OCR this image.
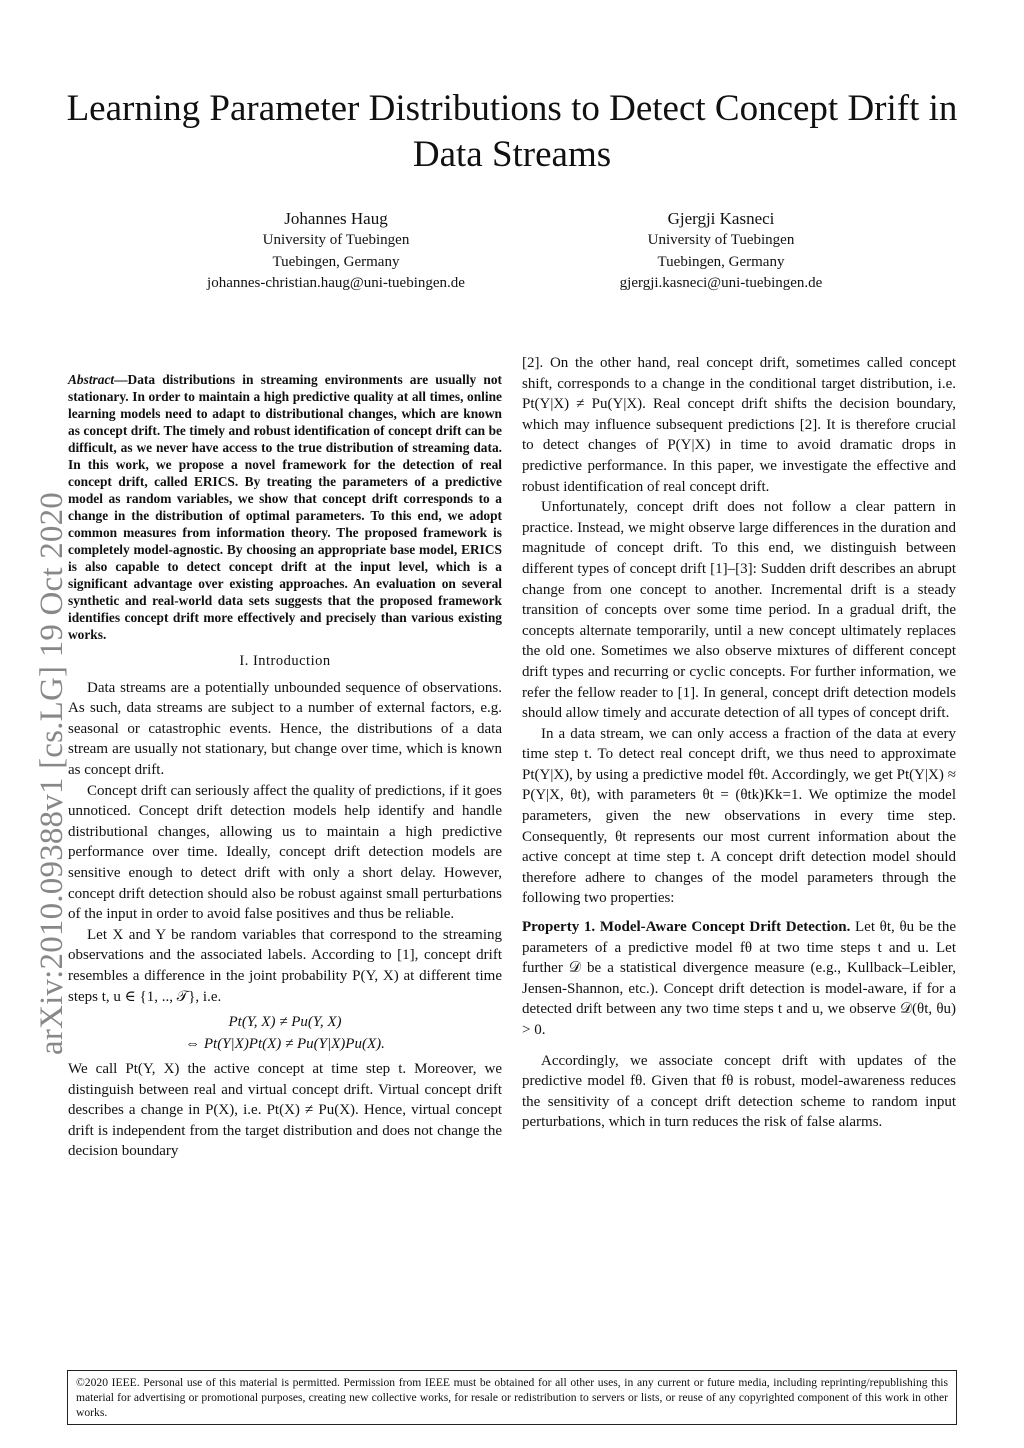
Learning Parameter Distributions to Detect Concept Drift in Data Streams
Johannes Haug
University of Tuebingen
Tuebingen, Germany
johannes-christian.haug@uni-tuebingen.de
Gjergji Kasneci
University of Tuebingen
Tuebingen, Germany
gjergji.kasneci@uni-tuebingen.de
arXiv:2010.09388v1 [cs.LG] 19 Oct 2020

Abstract—Data distributions in streaming environments are usually not stationary. In order to maintain a high predictive quality at all times, online learning models need to adapt to distributional changes, which are known as concept drift. The timely and robust identification of concept drift can be difficult, as we never have access to the true distribution of streaming data. In this work, we propose a novel framework for the detection of real concept drift, called ERICS. By treating the parameters of a predictive model as random variables, we show that concept drift corresponds to a change in the distribution of optimal parameters. To this end, we adopt common measures from information theory. The proposed framework is completely model-agnostic. By choosing an appropriate base model, ERICS is also capable to detect concept drift at the input level, which is a significant advantage over existing approaches. An evaluation on several synthetic and real-world data sets suggests that the proposed framework identifies concept drift more effectively and precisely than various existing works.

I. Introduction

Data streams are a potentially unbounded sequence of observations. As such, data streams are subject to a number of external factors, e.g. seasonal or catastrophic events. Hence, the distributions of a data stream are usually not stationary, but change over time, which is known as concept drift.

Concept drift can seriously affect the quality of predictions, if it goes unnoticed. Concept drift detection models help identify and handle distributional changes, allowing us to maintain a high predictive performance over time. Ideally, concept drift detection models are sensitive enough to detect drift with only a short delay. However, concept drift detection should also be robust against small perturbations of the input in order to avoid false positives and thus be reliable.

Let X and Y be random variables that correspond to the streaming observations and the associated labels. According to [1], concept drift resembles a difference in the joint probability P(Y, X) at different time steps t, u ∈ {1, .., 𝒯}, i.e.

Pt(Y, X) ≠ Pu(Y, X)
⇔ Pt(Y|X)Pt(X) ≠ Pu(Y|X)Pu(X).

We call Pt(Y, X) the active concept at time step t. Moreover, we distinguish between real and virtual concept drift. Virtual concept drift describes a change in P(X), i.e. Pt(X) ≠ Pu(X). Hence, virtual concept drift is independent from the target distribution and does not change the decision boundary

[2]. On the other hand, real concept drift, sometimes called concept shift, corresponds to a change in the conditional target distribution, i.e. Pt(Y|X) ≠ Pu(Y|X). Real concept drift shifts the decision boundary, which may influence subsequent predictions [2]. It is therefore crucial to detect changes of P(Y|X) in time to avoid dramatic drops in predictive performance. In this paper, we investigate the effective and robust identification of real concept drift.

Unfortunately, concept drift does not follow a clear pattern in practice. Instead, we might observe large differences in the duration and magnitude of concept drift. To this end, we distinguish between different types of concept drift [1]–[3]: Sudden drift describes an abrupt change from one concept to another. Incremental drift is a steady transition of concepts over some time period. In a gradual drift, the concepts alternate temporarily, until a new concept ultimately replaces the old one. Sometimes we also observe mixtures of different concept drift types and recurring or cyclic concepts. For further information, we refer the fellow reader to [1]. In general, concept drift detection models should allow timely and accurate detection of all types of concept drift.

In a data stream, we can only access a fraction of the data at every time step t. To detect real concept drift, we thus need to approximate Pt(Y|X), by using a predictive model fθt. Accordingly, we get Pt(Y|X) ≈ P(Y|X, θt), with parameters θt = (θtk)Kk=1. We optimize the model parameters, given the new observations in every time step. Consequently, θt represents our most current information about the active concept at time step t. A concept drift detection model should therefore adhere to changes of the model parameters through the following two properties:

Property 1. Model-Aware Concept Drift Detection. Let θt, θu be the parameters of a predictive model fθ at two time steps t and u. Let further 𝒟 be a statistical divergence measure (e.g., Kullback–Leibler, Jensen-Shannon, etc.). Concept drift detection is model-aware, if for a detected drift between any two time steps t and u, we observe 𝒟(θt, θu) > 0.

Accordingly, we associate concept drift with updates of the predictive model fθ. Given that fθ is robust, model-awareness reduces the sensitivity of a concept drift detection scheme to random input perturbations, which in turn reduces the risk of false alarms.

©2020 IEEE. Personal use of this material is permitted. Permission from IEEE must be obtained for all other uses, in any current or future media, including reprinting/republishing this material for advertising or promotional purposes, creating new collective works, for resale or redistribution to servers or lists, or reuse of any copyrighted component of this work in other works.
